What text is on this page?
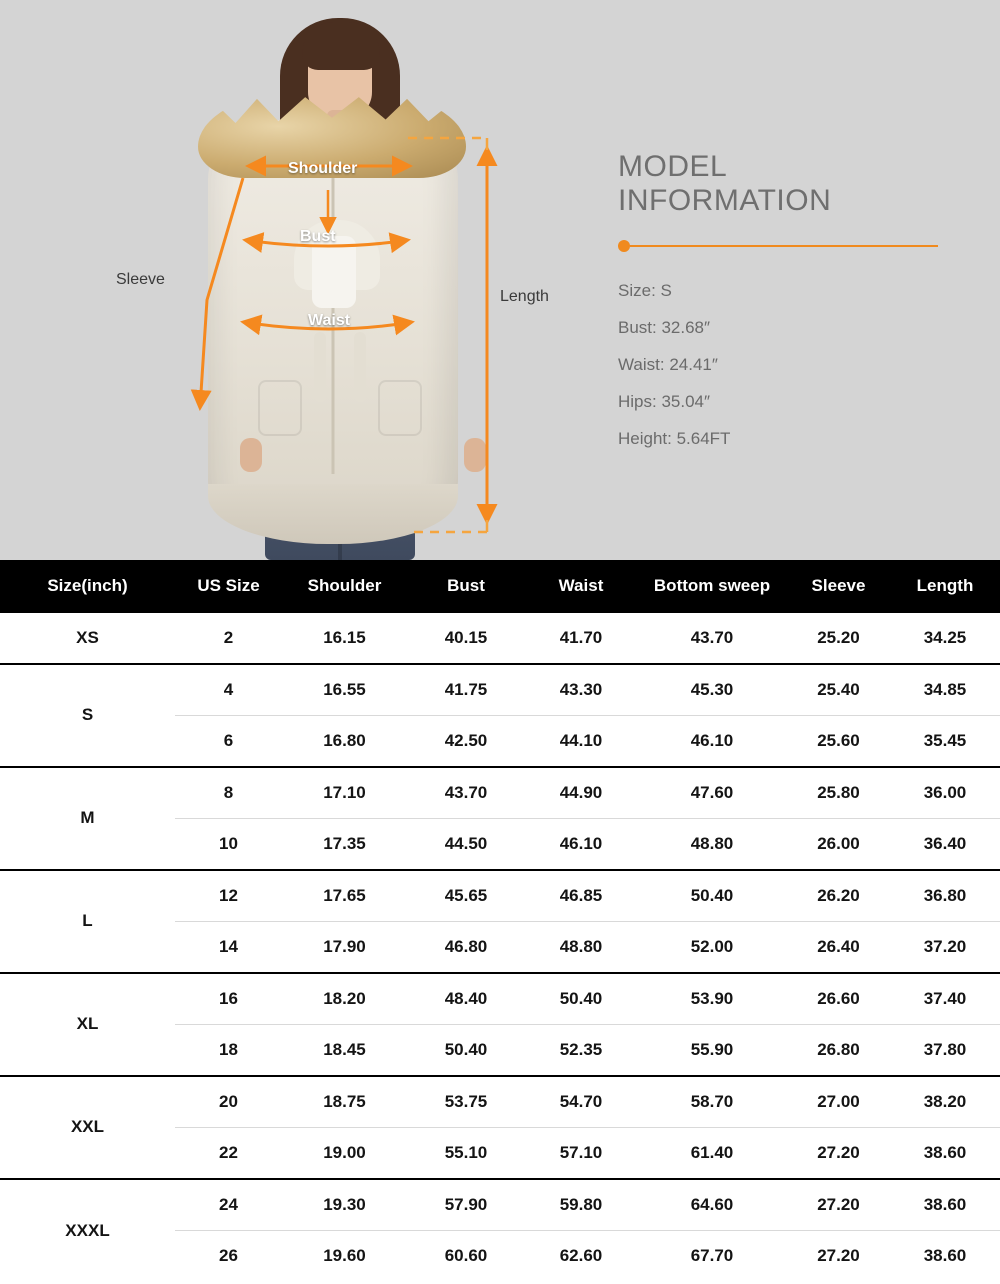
Shoulder
Bust
Waist
Sleeve
Length
MODEL
INFORMATION
Size: S
Bust: 32.68″
Waist: 24.41″
Hips: 35.04″
Height: 5.64FT
Size(inch)	US Size	Shoulder	Bust	Waist	Bottom sweep	Sleeve	Length
XS	2	16.15	40.15	41.70	43.70	25.20	34.25
S	4	16.55	41.75	43.30	45.30	25.40	34.85
	6	16.80	42.50	44.10	46.10	25.60	35.45
M	8	17.10	43.70	44.90	47.60	25.80	36.00
	10	17.35	44.50	46.10	48.80	26.00	36.40
L	12	17.65	45.65	46.85	50.40	26.20	36.80
	14	17.90	46.80	48.80	52.00	26.40	37.20
XL	16	18.20	48.40	50.40	53.90	26.60	37.40
	18	18.45	50.40	52.35	55.90	26.80	37.80
XXL	20	18.75	53.75	54.70	58.70	27.00	38.20
	22	19.00	55.10	57.10	61.40	27.20	38.60
XXXL	24	19.30	57.90	59.80	64.60	27.20	38.60
	26	19.60	60.60	62.60	67.70	27.20	38.60
